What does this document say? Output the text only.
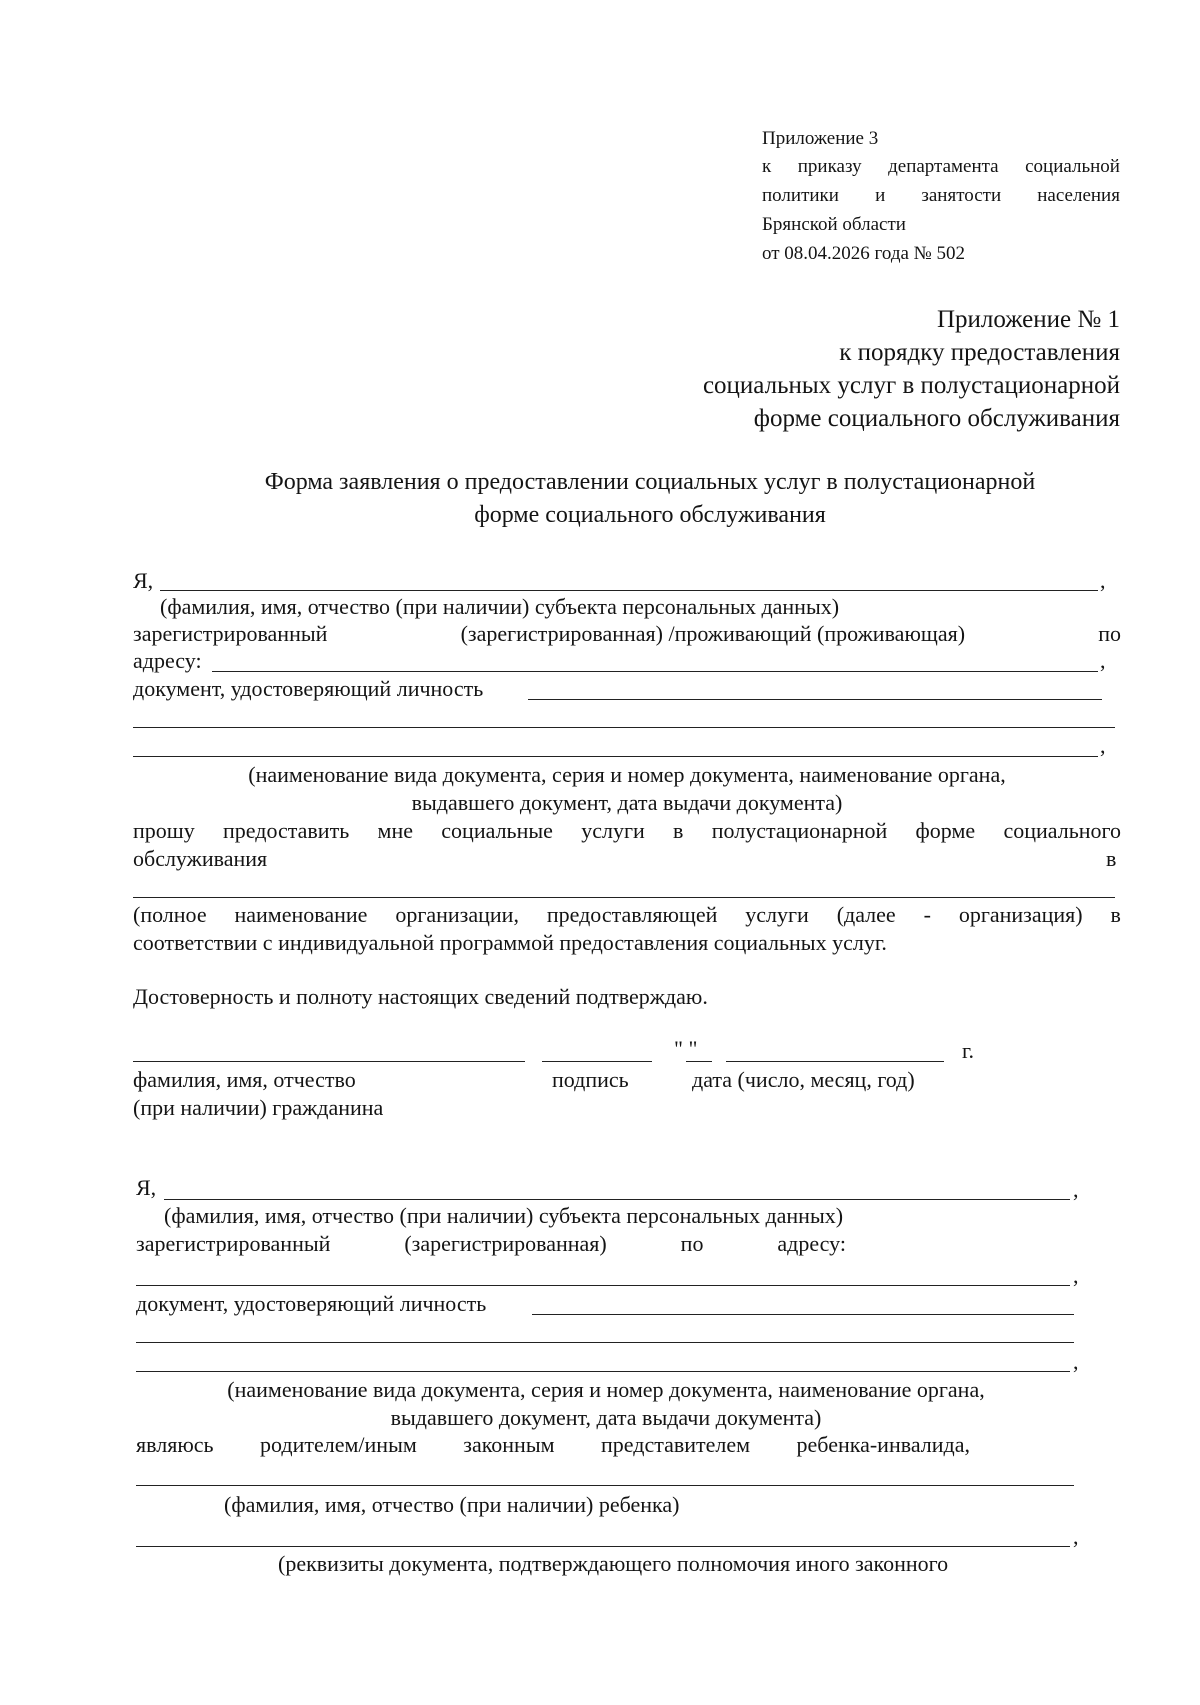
Приложение 3
к приказу департамента социальной
политики и занятости населения
Брянской области
от 08.04.2026 года № 502
Приложение № 1
к порядку предоставления
социальных услуг в полустационарной
форме социального обслуживания
Форма заявления о предоставлении социальных услуг в полустационарной
форме социального обслуживания
Я,	,
(фамилия, имя, отчество (при наличии) субъекта персональных данных)
зарегистрированный	(зарегистрированная) /проживающий (проживающая)	по
адресу:	,
документ, удостоверяющий личность
,
(наименование вида документа, серия и номер документа, наименование органа,
выдавшего документ, дата выдачи документа)
прошу предоставить мне социальные услуги в полустационарной форме социального
обслуживания	в
(полное наименование организации, предоставляющей услуги (далее - организация) в
соответствии с индивидуальной программой предоставления социальных услуг.
Достоверность и полноту настоящих сведений подтверждаю.
" "	г.
фамилия, имя, отчество	подпись	дата (число, месяц, год)
(при наличии) гражданина
Я,	,
(фамилия, имя, отчество (при наличии) субъекта персональных данных)
зарегистрированный	(зарегистрированная)	по	адресу:
,
документ, удостоверяющий личность
,
(наименование вида документа, серия и номер документа, наименование органа,
выдавшего документ, дата выдачи документа)
являюсь родителем/иным законным представителем ребенка-инвалида,
(фамилия, имя, отчество (при наличии) ребенка)
,
(реквизиты документа, подтверждающего полномочия иного законного
